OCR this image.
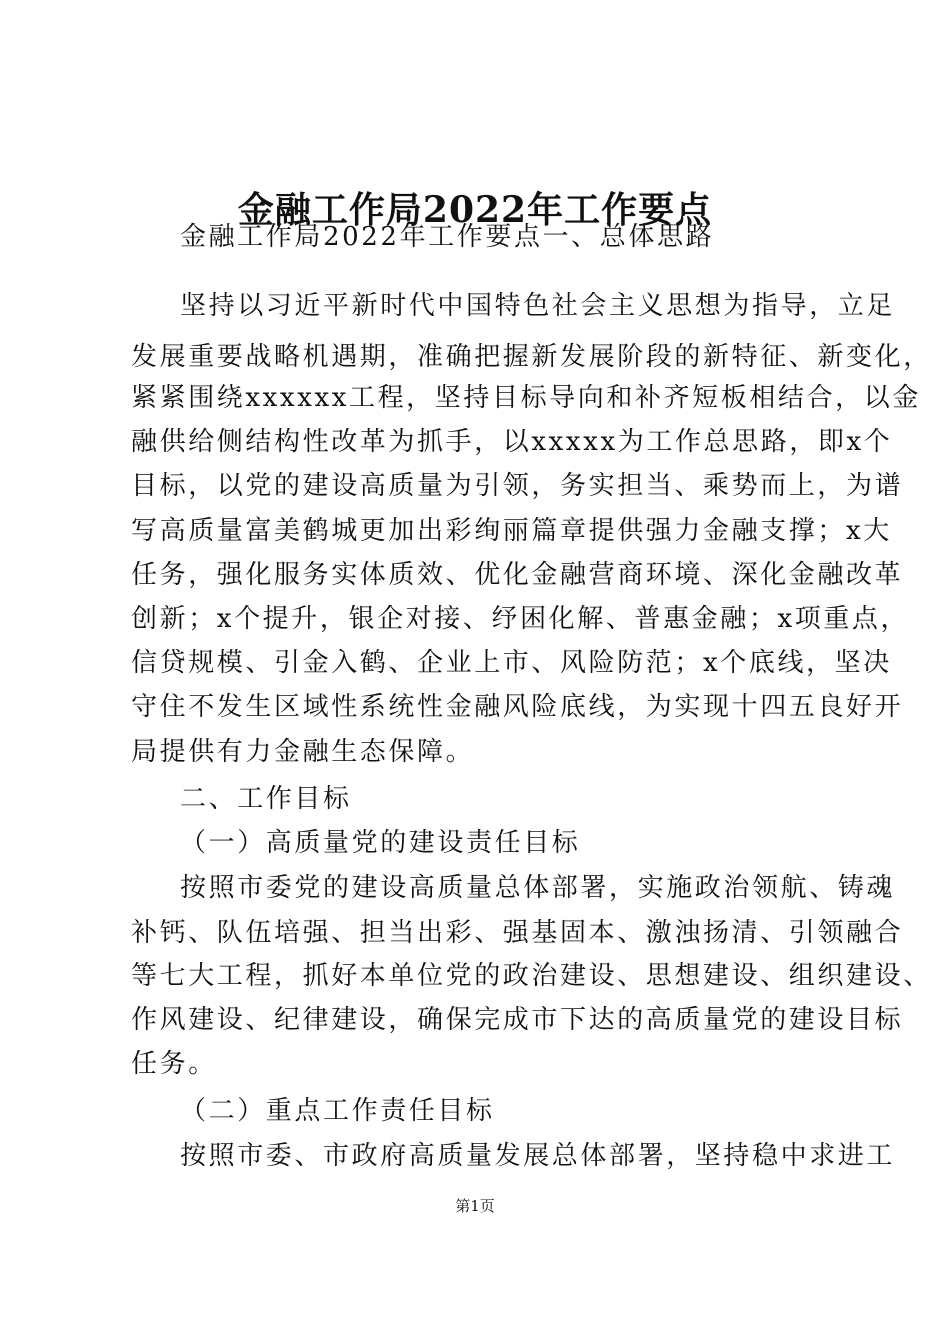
金融工作局2022年工作要点
金融工作局2022年工作要点一、总体思路
坚持以习近平新时代中国特色社会主义思想为指导，立足
发展重要战略机遇期，准确把握新发展阶段的新特征、新变化，
紧紧围绕xxxxxx工程，坚持目标导向和补齐短板相结合，以金
融供给侧结构性改革为抓手，以xxxxx为工作总思路，即x个
目标，以党的建设高质量为引领，务实担当、乘势而上，为谱
写高质量富美鹤城更加出彩绚丽篇章提供强力金融支撑；x大
任务，强化服务实体质效、优化金融营商环境、深化金融改革
创新；x个提升，银企对接、纾困化解、普惠金融；x项重点，
信贷规模、引金入鹤、企业上市、风险防范；x个底线，坚决
守住不发生区域性系统性金融风险底线，为实现十四五良好开
局提供有力金融生态保障。
二、工作目标
（一）高质量党的建设责任目标
按照市委党的建设高质量总体部署，实施政治领航、铸魂
补钙、队伍培强、担当出彩、强基固本、激浊扬清、引领融合
等七大工程，抓好本单位党的政治建设、思想建设、组织建设、
作风建设、纪律建设，确保完成市下达的高质量党的建设目标
任务。
（二）重点工作责任目标
按照市委、市政府高质量发展总体部署，坚持稳中求进工
第1页
